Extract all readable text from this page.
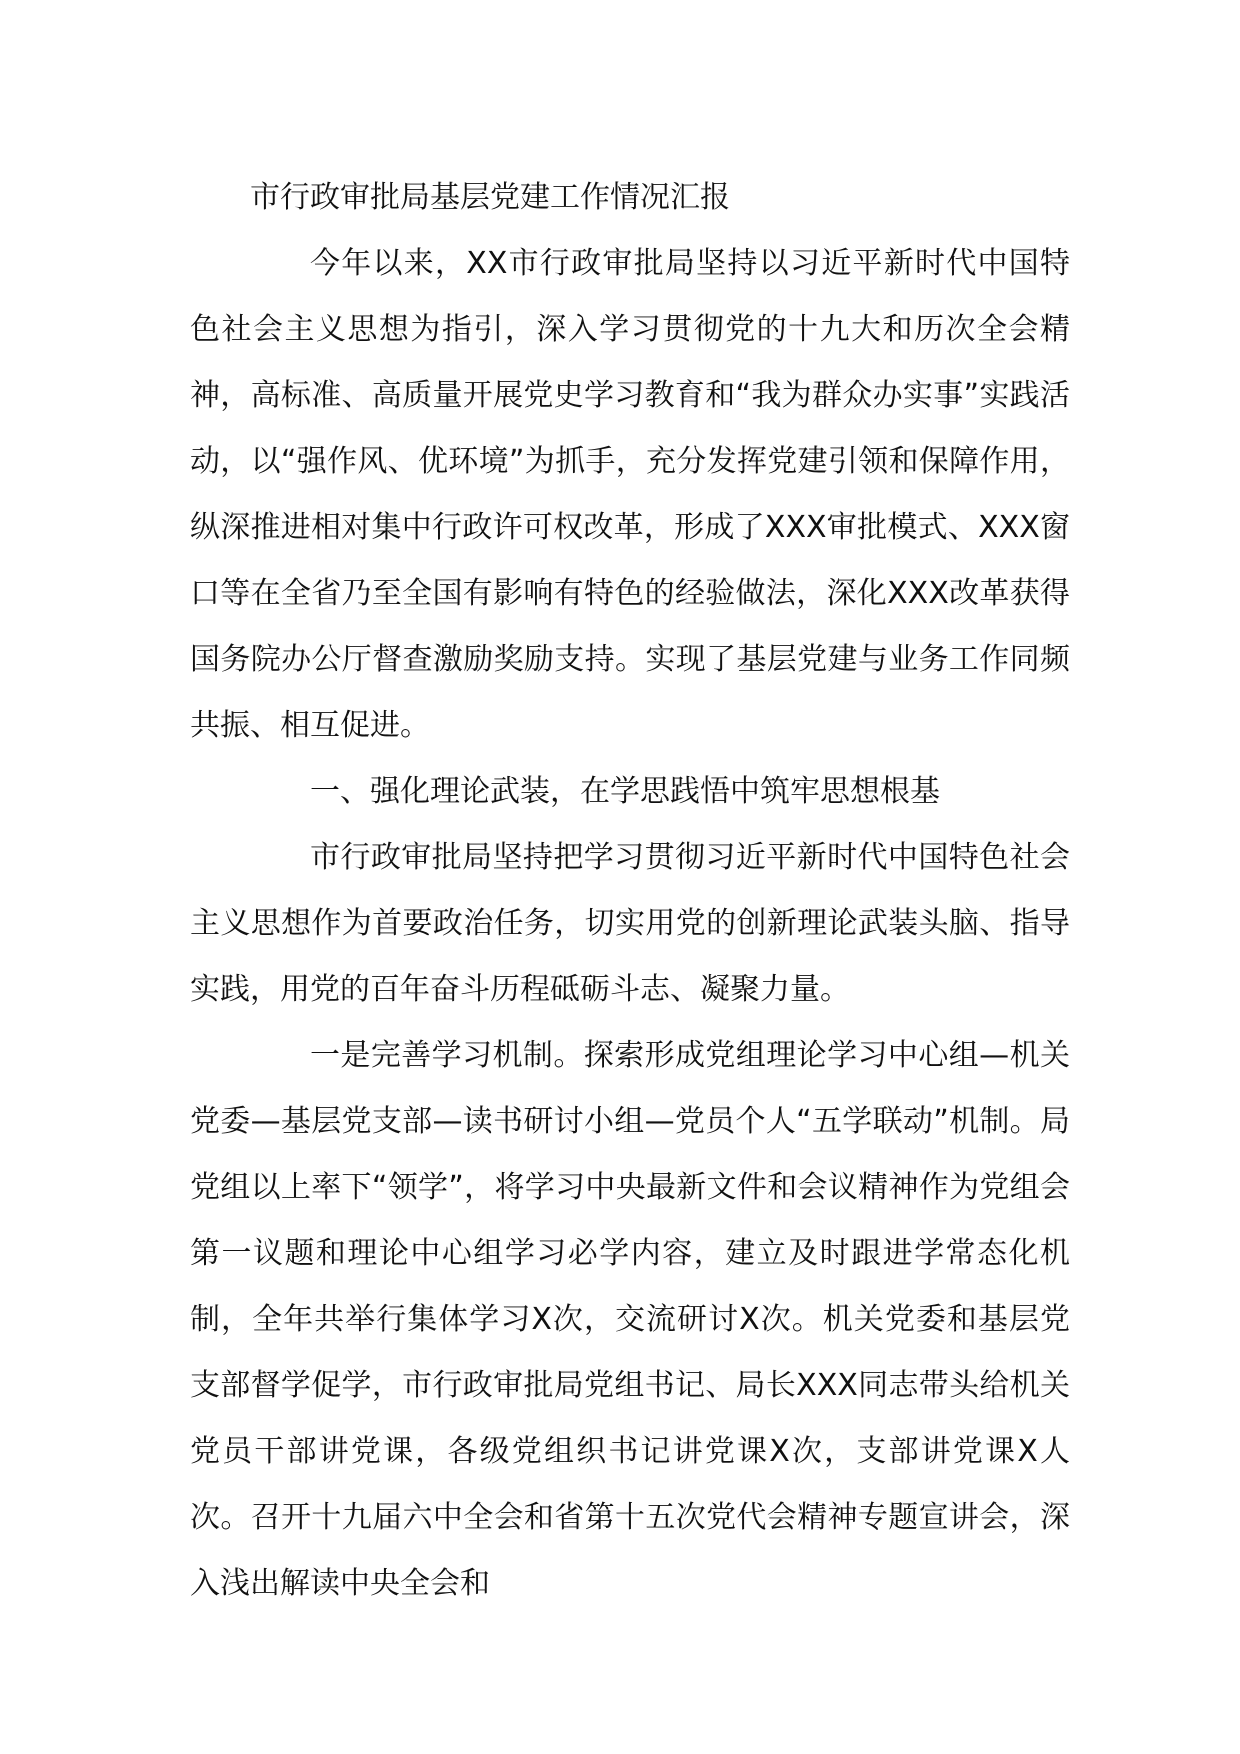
市行政审批局基层党建工作情况汇报

今年以来，XX市行政审批局坚持以习近平新时代中国特色社会主义思想为指引，深入学习贯彻党的十九大和历次全会精神，高标准、高质量开展党史学习教育和“我为群众办实事”实践活动，以“强作风、优环境”为抓手，充分发挥党建引领和保障作用，纵深推进相对集中行政许可权改革，形成了XXX审批模式、XXX窗口等在全省乃至全国有影响有特色的经验做法，深化XXX改革获得国务院办公厅督查激励奖励支持。实现了基层党建与业务工作同频共振、相互促进。

一、强化理论武装，在学思践悟中筑牢思想根基

市行政审批局坚持把学习贯彻习近平新时代中国特色社会主义思想作为首要政治任务，切实用党的创新理论武装头脑、指导实践，用党的百年奋斗历程砥砺斗志、凝聚力量。

一是完善学习机制。探索形成党组理论学习中心组—机关党委—基层党支部—读书研讨小组—党员个人“五学联动”机制。局党组以上率下“领学”，将学习中央最新文件和会议精神作为党组会第一议题和理论中心组学习必学内容，建立及时跟进学常态化机制，全年共举行集体学习X次，交流研讨X次。机关党委和基层党支部督学促学，市行政审批局党组书记、局长XXX同志带头给机关党员干部讲党课，各级党组织书记讲党课X次，支部讲党课X人次。召开十九届六中全会和省第十五次党代会精神专题宣讲会，深入浅出解读中央全会和
